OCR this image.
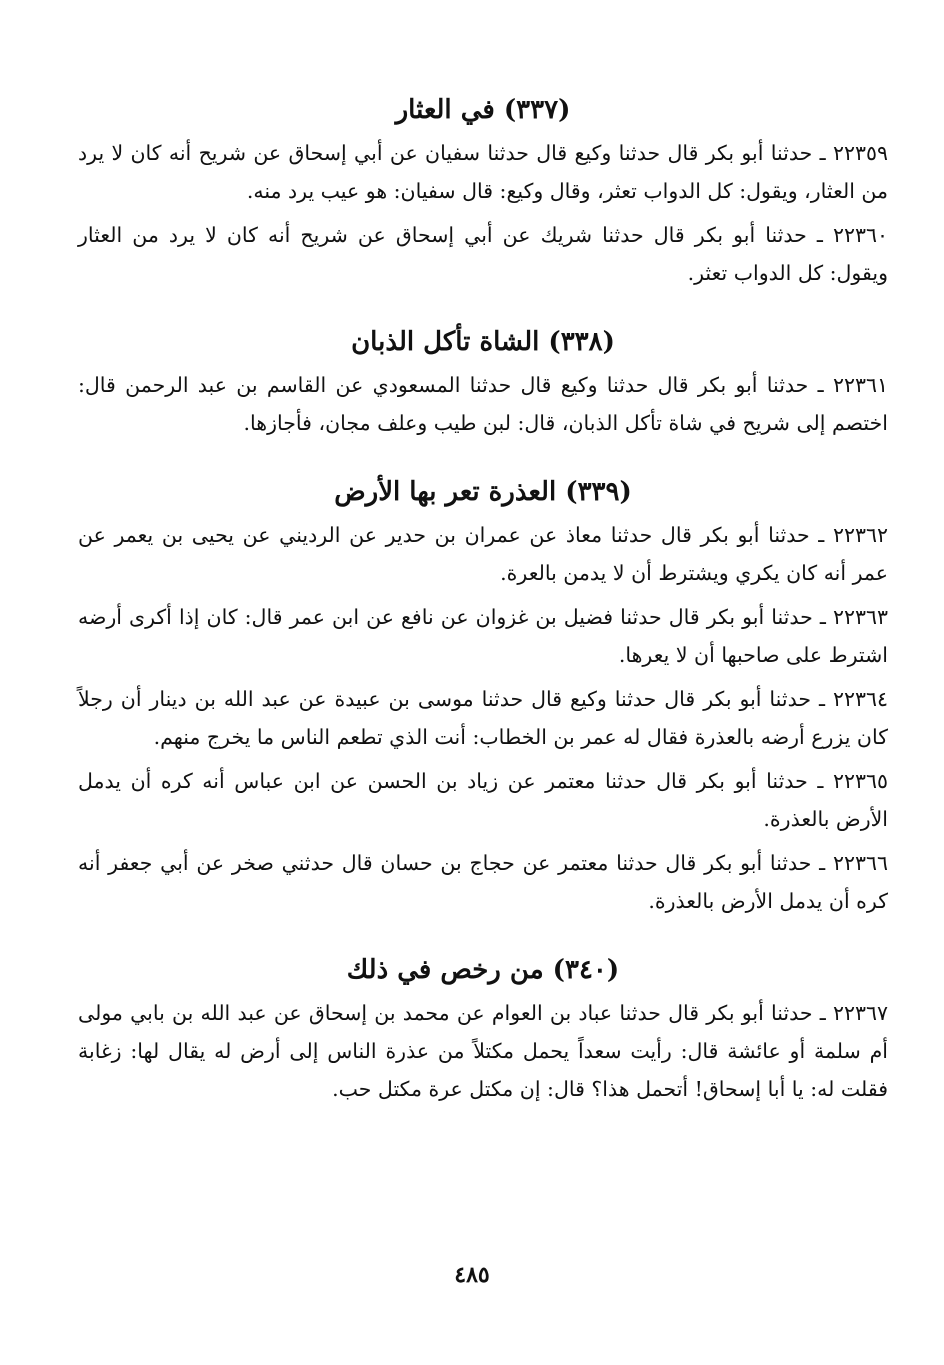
(٣٣٧) في العثار

٢٢٣٥٩ ـ حدثنا أبو بكر قال حدثنا وكيع قال حدثنا سفيان عن أبي إسحاق عن شريح أنه كان لا يرد من العثار، ويقول: كل الدواب تعثر، وقال وكيع: قال سفيان: هو عيب يرد منه.

٢٢٣٦٠ ـ حدثنا أبو بكر قال حدثنا شريك عن أبي إسحاق عن شريح أنه كان لا يرد من العثار ويقول: كل الدواب تعثر.

(٣٣٨) الشاة تأكل الذبان

٢٢٣٦١ ـ حدثنا أبو بكر قال حدثنا وكيع قال حدثنا المسعودي عن القاسم بن عبد الرحمن قال: اختصم إلى شريح في شاة تأكل الذبان، قال: لبن طيب وعلف مجان، فأجازها.

(٣٣٩) العذرة تعر بها الأرض

٢٢٣٦٢ ـ حدثنا أبو بكر قال حدثنا معاذ عن عمران بن حدير عن الرديني عن يحيى بن يعمر عن عمر أنه كان يكري ويشترط أن لا يدمن بالعرة.

٢٢٣٦٣ ـ حدثنا أبو بكر قال حدثنا فضيل بن غزوان عن نافع عن ابن عمر قال: كان إذا أكرى أرضه اشترط على صاحبها أن لا يعرها.

٢٢٣٦٤ ـ حدثنا أبو بكر قال حدثنا وكيع قال حدثنا موسى بن عبيدة عن عبد الله بن دينار أن رجلاً كان يزرع أرضه بالعذرة فقال له عمر بن الخطاب: أنت الذي تطعم الناس ما يخرج منهم.

٢٢٣٦٥ ـ حدثنا أبو بكر قال حدثنا معتمر عن زياد بن الحسن عن ابن عباس أنه كره أن يدمل الأرض بالعذرة.

٢٢٣٦٦ ـ حدثنا أبو بكر قال حدثنا معتمر عن حجاج بن حسان قال حدثني صخر عن أبي جعفر أنه كره أن يدمل الأرض بالعذرة.

(٣٤٠) من رخص في ذلك

٢٢٣٦٧ ـ حدثنا أبو بكر قال حدثنا عباد بن العوام عن محمد بن إسحاق عن عبد الله بن بابي مولى أم سلمة أو عائشة قال: رأيت سعداً يحمل مكتلاً من عذرة الناس إلى أرض له يقال لها: زغابة فقلت له: يا أبا إسحاق! أتحمل هذا؟ قال: إن مكتل عرة مكتل حب.

٤٨٥
